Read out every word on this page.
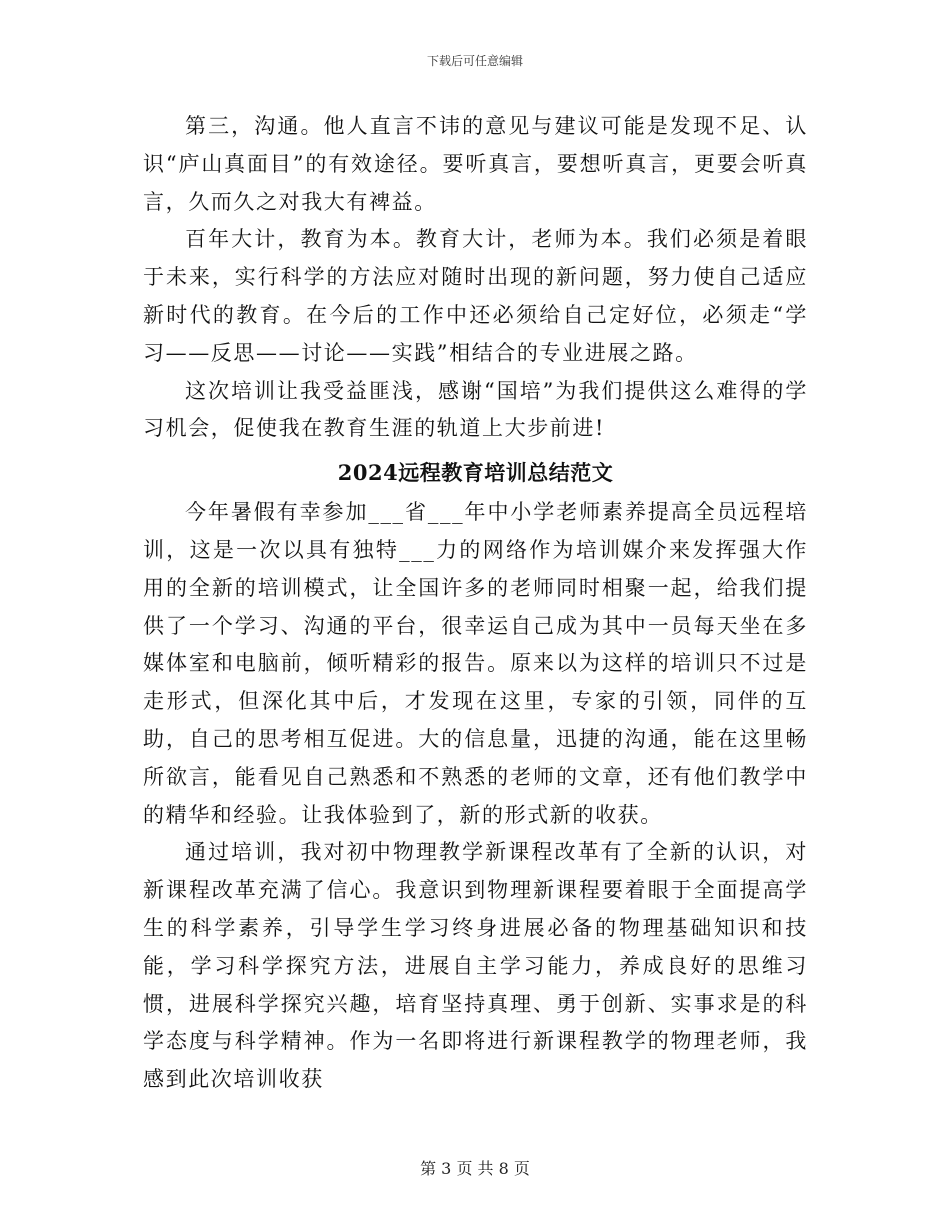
下载后可任意编辑

第三，沟通。他人直言不讳的意见与建议可能是发现不足、认识“庐山真面目”的有效途径。要听真言，要想听真言，更要会听真言，久而久之对我大有裨益。

百年大计，教育为本。教育大计，老师为本。我们必须是着眼于未来，实行科学的方法应对随时出现的新问题，努力使自己适应新时代的教育。在今后的工作中还必须给自己定好位，必须走“学习——反思——讨论——实践”相结合的专业进展之路。

这次培训让我受益匪浅，感谢“国培”为我们提供这么难得的学习机会，促使我在教育生涯的轨道上大步前进!

2024远程教育培训总结范文

今年暑假有幸参加___省___年中小学老师素养提高全员远程培训，这是一次以具有独特___力的网络作为培训媒介来发挥强大作用的全新的培训模式，让全国许多的老师同时相聚一起，给我们提供了一个学习、沟通的平台，很幸运自己成为其中一员每天坐在多媒体室和电脑前，倾听精彩的报告。原来以为这样的培训只不过是走形式，但深化其中后，才发现在这里，专家的引领，同伴的互助，自己的思考相互促进。大的信息量，迅捷的沟通，能在这里畅所欲言，能看见自己熟悉和不熟悉的老师的文章，还有他们教学中的精华和经验。让我体验到了，新的形式新的收获。

通过培训，我对初中物理教学新课程改革有了全新的认识，对新课程改革充满了信心。我意识到物理新课程要着眼于全面提高学生的科学素养，引导学生学习终身进展必备的物理基础知识和技能，学习科学探究方法，进展自主学习能力，养成良好的思维习惯，进展科学探究兴趣，培育坚持真理、勇于创新、实事求是的科学态度与科学精神。作为一名即将进行新课程教学的物理老师，我感到此次培训收获

第 3 页 共 8 页
